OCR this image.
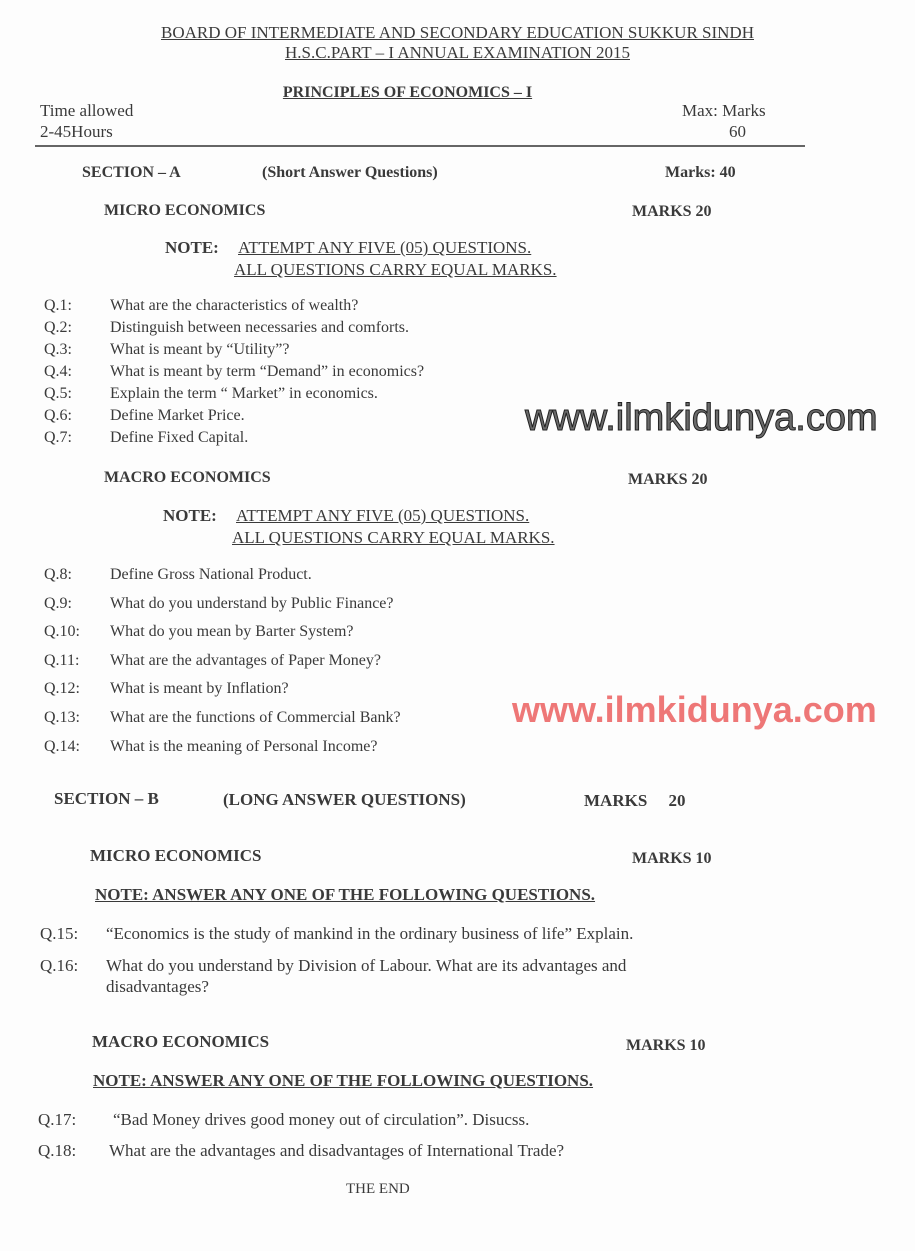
BOARD OF INTERMEDIATE AND SECONDARY EDUCATION SUKKUR SINDH
H.S.C.PART – I ANNUAL EXAMINATION 2015
PRINCIPLES OF ECONOMICS – I
Time allowed
2-45Hours
Max: Marks
60
SECTION – A	(Short Answer Questions)	Marks: 40
MICRO ECONOMICS	MARKS 20
NOTE: ATTEMPT ANY FIVE (05) QUESTIONS.
ALL QUESTIONS CARRY EQUAL MARKS.
Q.1: What are the characteristics of wealth?
Q.2: Distinguish between necessaries and comforts.
Q.3: What is meant by “Utility”?
Q.4: What is meant by term “Demand” in economics?
Q.5: Explain the term “ Market” in economics.
Q.6: Define Market Price.
Q.7: Define Fixed Capital.
MACRO ECONOMICS	MARKS 20
NOTE: ATTEMPT ANY FIVE (05) QUESTIONS.
ALL QUESTIONS CARRY EQUAL MARKS.
Q.8: Define Gross National Product.
Q.9: What do you understand by Public Finance?
Q.10: What do you mean by Barter System?
Q.11: What are the advantages of Paper Money?
Q.12: What is meant by Inflation?
Q.13: What are the functions of Commercial Bank?
Q.14: What is the meaning of Personal Income?
SECTION – B	(LONG ANSWER QUESTIONS)	MARKS     20
MICRO ECONOMICS	MARKS 10
NOTE: ANSWER ANY ONE OF THE FOLLOWING QUESTIONS.
Q.15: “Economics is the study of mankind in the ordinary business of life” Explain.
Q.16: What do you understand by Division of Labour. What are its advantages and
disadvantages?
MACRO ECONOMICS	MARKS 10
NOTE: ANSWER ANY ONE OF THE FOLLOWING QUESTIONS.
Q.17: “Bad Money drives good money out of circulation”. Disucss.
Q.18: What are the advantages and disadvantages of International Trade?
THE END
www.ilmkidunya.com
www.ilmkidunya.com
